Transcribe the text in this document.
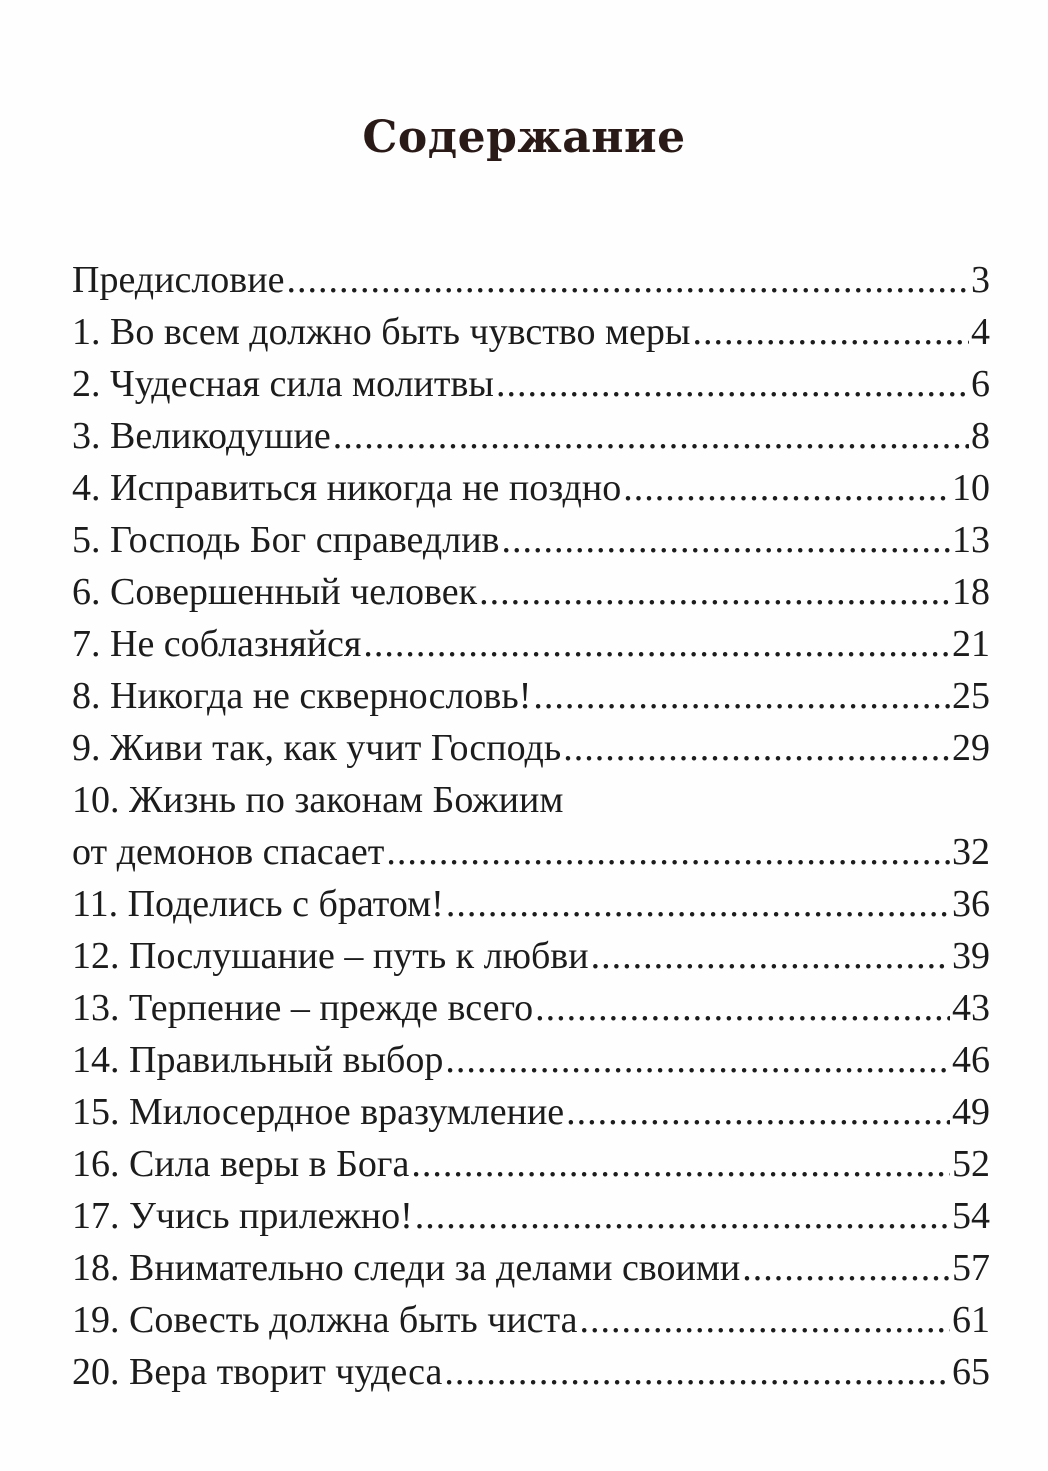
Содержание
Предисловие .....	3
1. Во всем должно быть чувство меры .....	4
2. Чудесная сила молитвы .....	6
3. Великодушие .....	8
4. Исправиться никогда не поздно .....	10
5. Господь Бог справедлив .....	13
6. Совершенный человек .....	18
7. Не соблазняйся .....	21
8. Никогда не сквернословь! .....	25
9. Живи так, как учит Господь .....	29
10. Жизнь по законам Божиим
от демонов спасает .....	32
11. Поделись с братом! .....	36
12. Послушание – путь к любви .....	39
13. Терпение – прежде всего .....	43
14. Правильный выбор .....	46
15. Милосердное вразумление .....	49
16. Сила веры в Бога .....	52
17. Учись прилежно! .....	54
18. Внимательно следи за делами своими .....	57
19. Совесть должна быть чиста .....	61
20. Вера творит чудеса .....	65
